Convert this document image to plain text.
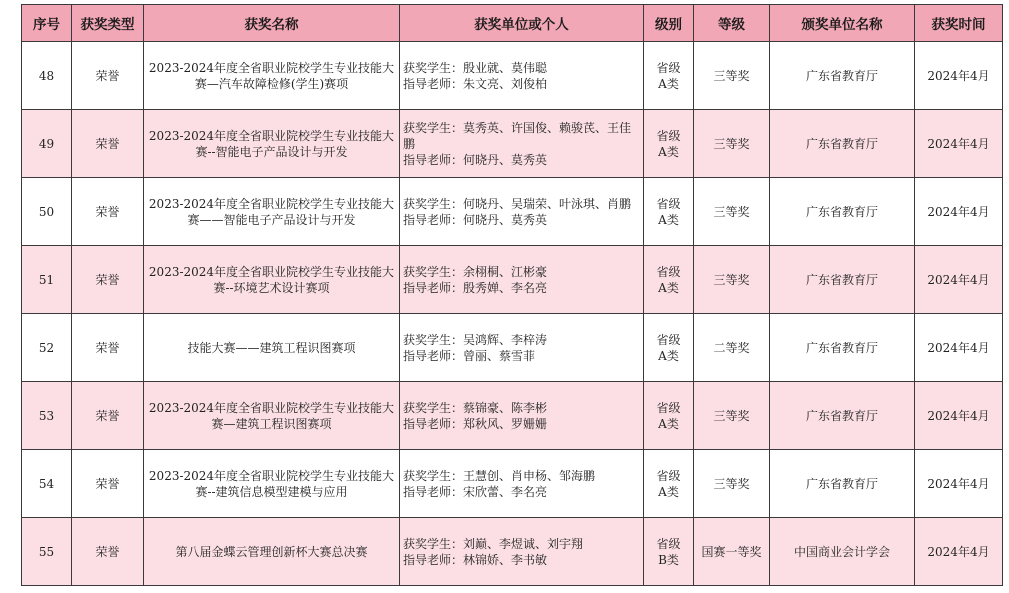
序号	获奖类型	获奖名称	获奖单位或个人	级别	等级	颁奖单位名称	获奖时间
48	荣誉	2023-2024年度全省职业院校学生专业技能大赛—汽车故障检修(学生)赛项	获奖学生：殷业就、莫伟聪
指导老师：朱文亮、刘俊柏	省级A类	三等奖	广东省教育厅	2024年4月
49	荣誉	2023-2024年度全省职业院校学生专业技能大赛--智能电子产品设计与开发	获奖学生：莫秀英、许国俊、赖骏芪、王佳鹏
指导老师：何晓丹、莫秀英	省级A类	三等奖	广东省教育厅	2024年4月
50	荣誉	2023-2024年度全省职业院校学生专业技能大赛——智能电子产品设计与开发	获奖学生：何晓丹、吴瑞荣、叶泳琪、肖鹏
指导老师：何晓丹、莫秀英	省级A类	三等奖	广东省教育厅	2024年4月
51	荣誉	2023-2024年度全省职业院校学生专业技能大赛--环境艺术设计赛项	获奖学生：余栩桐、江彬豪
指导老师：殷秀婵、李名亮	省级A类	三等奖	广东省教育厅	2024年4月
52	荣誉	技能大赛——建筑工程识图赛项	获奖学生：吴鸿辉、李梓涛
指导老师：曾丽、蔡雪菲	省级A类	二等奖	广东省教育厅	2024年4月
53	荣誉	2023-2024年度全省职业院校学生专业技能大赛—建筑工程识图赛项	获奖学生：蔡锦豪、陈李彬
指导老师：郑秋风、罗姗姗	省级A类	三等奖	广东省教育厅	2024年4月
54	荣誉	2023-2024年度全省职业院校学生专业技能大赛--建筑信息模型建模与应用	获奖学生：王慧创、肖申杨、邹海鹏
指导老师：宋欣蕾、李名亮	省级A类	三等奖	广东省教育厅	2024年4月
55	荣誉	第八届金蝶云管理创新杯大赛总决赛	获奖学生：刘巅、李煜诚、刘宇翔
指导老师：林锦娇、李书敏	省级B类	国赛一等奖	中国商业会计学会	2024年4月
